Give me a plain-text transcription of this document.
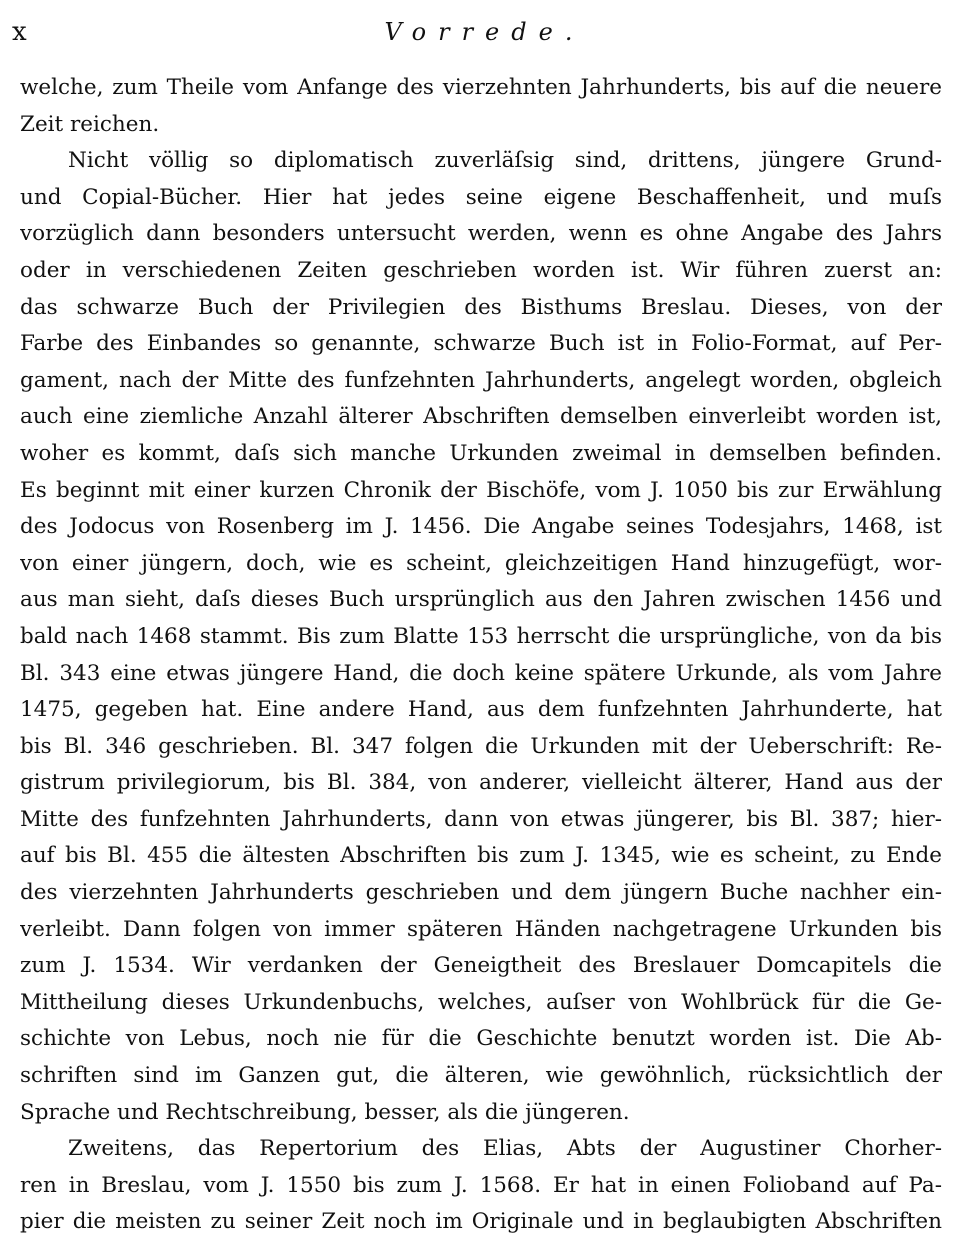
x	Vorrede.
welche, zum Theile vom Anfange des vierzehnten Jahrhunderts, bis auf die neuere
Zeit reichen.
Nicht völlig so diplomatisch zuverläſsig sind, drittens, jüngere Grund-
und Copial-Bücher. Hier hat jedes seine eigene Beschaffenheit, und muſs
vorzüglich dann besonders untersucht werden, wenn es ohne Angabe des Jahrs
oder in verschiedenen Zeiten geschrieben worden ist. Wir führen zuerst an:
das schwarze Buch der Privilegien des Bisthums Breslau. Dieses, von der
Farbe des Einbandes so genannte, schwarze Buch ist in Folio-Format, auf Per-
gament, nach der Mitte des funfzehnten Jahrhunderts, angelegt worden, obgleich
auch eine ziemliche Anzahl älterer Abschriften demselben einverleibt worden ist,
woher es kommt, daſs sich manche Urkunden zweimal in demselben befinden.
Es beginnt mit einer kurzen Chronik der Bischöfe, vom J. 1050 bis zur Erwählung
des Jodocus von Rosenberg im J. 1456. Die Angabe seines Todesjahrs, 1468, ist
von einer jüngern, doch, wie es scheint, gleichzeitigen Hand hinzugefügt, wor-
aus man sieht, daſs dieses Buch ursprünglich aus den Jahren zwischen 1456 und
bald nach 1468 stammt. Bis zum Blatte 153 herrscht die ursprüngliche, von da bis
Bl. 343 eine etwas jüngere Hand, die doch keine spätere Urkunde, als vom Jahre
1475, gegeben hat. Eine andere Hand, aus dem funfzehnten Jahrhunderte, hat
bis Bl. 346 geschrieben. Bl. 347 folgen die Urkunden mit der Ueberschrift: Re-
gistrum privilegiorum, bis Bl. 384, von anderer, vielleicht älterer, Hand aus der
Mitte des funfzehnten Jahrhunderts, dann von etwas jüngerer, bis Bl. 387; hier-
auf bis Bl. 455 die ältesten Abschriften bis zum J. 1345, wie es scheint, zu Ende
des vierzehnten Jahrhunderts geschrieben und dem jüngern Buche nachher ein-
verleibt. Dann folgen von immer späteren Händen nachgetragene Urkunden bis
zum J. 1534. Wir verdanken der Geneigtheit des Breslauer Domcapitels die
Mittheilung dieses Urkundenbuchs, welches, auſser von Wohlbrück für die Ge-
schichte von Lebus, noch nie für die Geschichte benutzt worden ist. Die Ab-
schriften sind im Ganzen gut, die älteren, wie gewöhnlich, rücksichtlich der
Sprache und Rechtschreibung, besser, als die jüngeren.
Zweitens, das Repertorium des Elias, Abts der Augustiner Chorher-
ren in Breslau, vom J. 1550 bis zum J. 1568. Er hat in einen Folioband auf Pa-
pier die meisten zu seiner Zeit noch im Originale und in beglaubigten Abschriften
